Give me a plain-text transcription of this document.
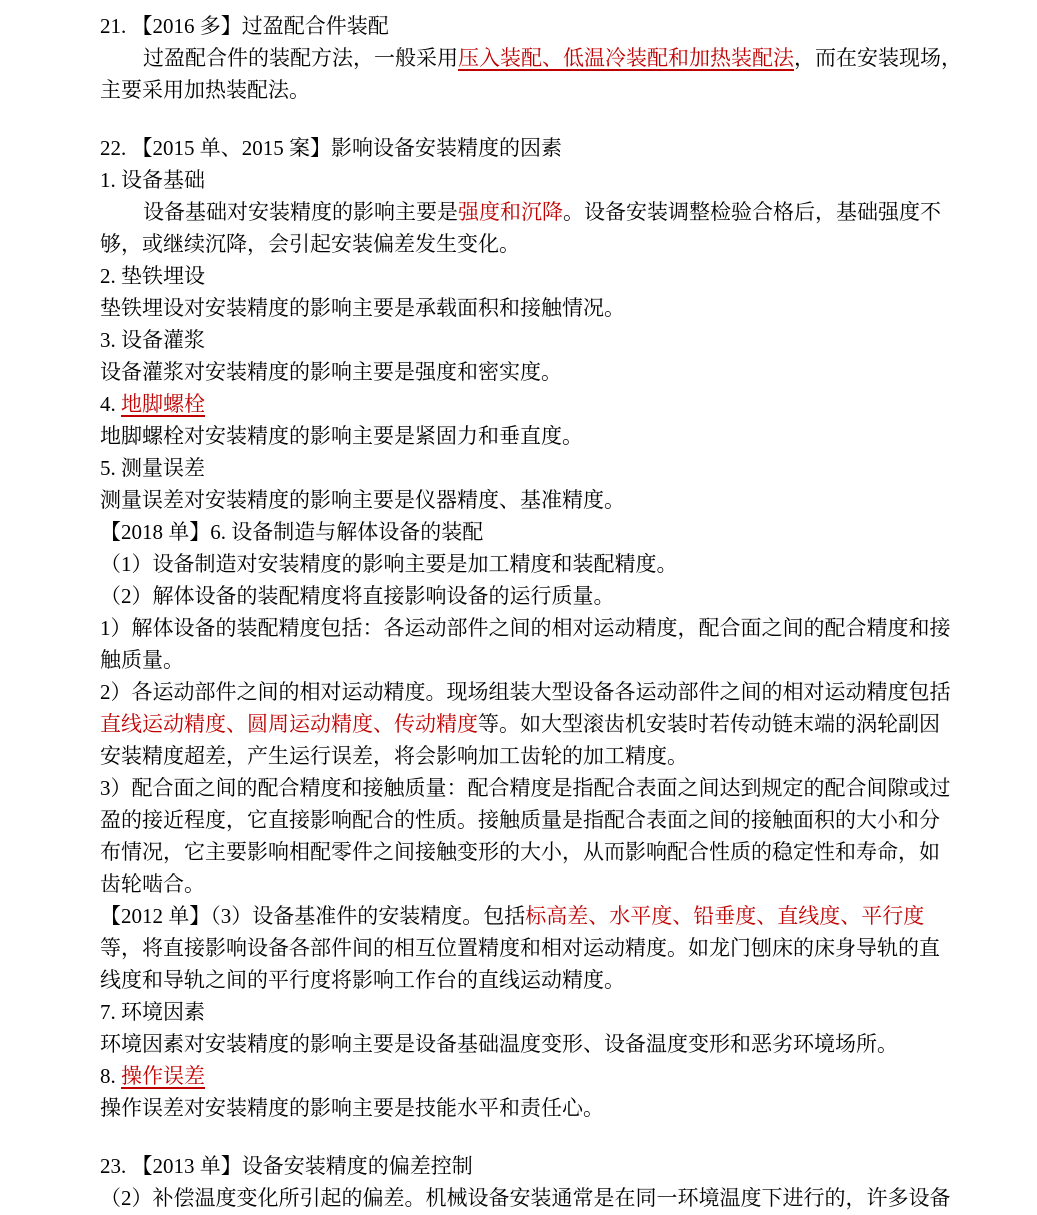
21. 【2016 多】过盈配合件装配
过盈配合件的装配方法，一般采用压入装配、低温冷装配和加热装配法，而在安装现场，
主要采用加热装配法。
22. 【2015 单、2015 案】影响设备安装精度的因素
1. 设备基础
设备基础对安装精度的影响主要是强度和沉降。设备安装调整检验合格后，基础强度不
够，或继续沉降，会引起安装偏差发生变化。
2. 垫铁埋设
垫铁埋设对安装精度的影响主要是承载面积和接触情况。
3. 设备灌浆
设备灌浆对安装精度的影响主要是强度和密实度。
4. 地脚螺栓
地脚螺栓对安装精度的影响主要是紧固力和垂直度。
5. 测量误差
测量误差对安装精度的影响主要是仪器精度、基准精度。
【2018 单】6. 设备制造与解体设备的装配
（1）设备制造对安装精度的影响主要是加工精度和装配精度。
（2）解体设备的装配精度将直接影响设备的运行质量。
1）解体设备的装配精度包括：各运动部件之间的相对运动精度，配合面之间的配合精度和接
触质量。
2）各运动部件之间的相对运动精度。现场组装大型设备各运动部件之间的相对运动精度包括
直线运动精度、圆周运动精度、传动精度等。如大型滚齿机安装时若传动链末端的涡轮副因
安装精度超差，产生运行误差，将会影响加工齿轮的加工精度。
3）配合面之间的配合精度和接触质量：配合精度是指配合表面之间达到规定的配合间隙或过
盈的接近程度，它直接影响配合的性质。接触质量是指配合表面之间的接触面积的大小和分
布情况，它主要影响相配零件之间接触变形的大小，从而影响配合性质的稳定性和寿命，如
齿轮啮合。
【2012 单】（3）设备基准件的安装精度。包括标高差、水平度、铅垂度、直线度、平行度
等，将直接影响设备各部件间的相互位置精度和相对运动精度。如龙门刨床的床身导轨的直
线度和导轨之间的平行度将影响工作台的直线运动精度。
7. 环境因素
环境因素对安装精度的影响主要是设备基础温度变形、设备温度变形和恶劣环境场所。
8. 操作误差
操作误差对安装精度的影响主要是技能水平和责任心。
23. 【2013 单】设备安装精度的偏差控制
（2）补偿温度变化所引起的偏差。机械设备安装通常是在同一环境温度下进行的，许多设备
